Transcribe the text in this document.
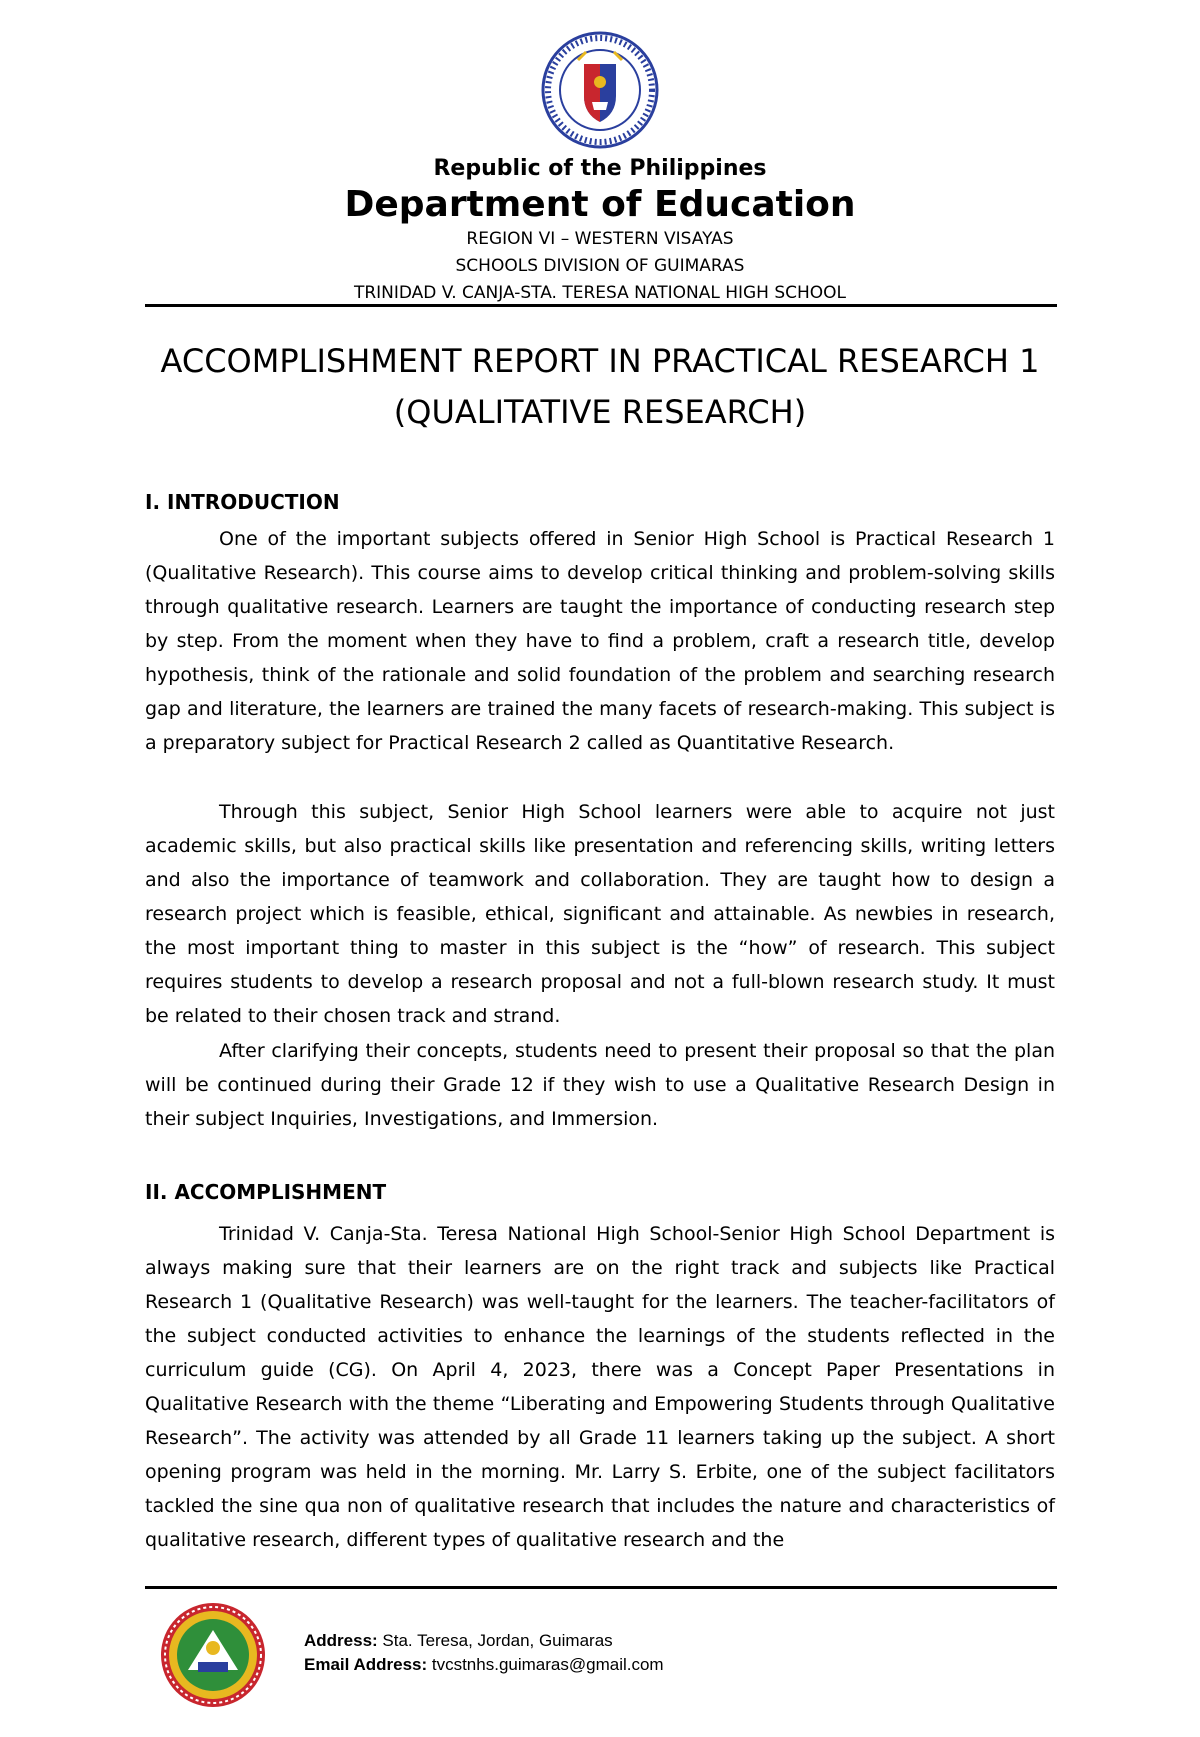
Republic of the Philippines
Department of Education
REGION VI – WESTERN VISAYAS
SCHOOLS DIVISION OF GUIMARAS
TRINIDAD V. CANJA-STA. TERESA NATIONAL HIGH SCHOOL
ACCOMPLISHMENT REPORT IN PRACTICAL RESEARCH 1
(QUALITATIVE RESEARCH)
I. INTRODUCTION

One of the important subjects offered in Senior High School is Practical Research 1 (Qualitative Research). This course aims to develop critical thinking and problem-solving skills through qualitative research. Learners are taught the importance of conducting research step by step. From the moment when they have to find a problem, craft a research title, develop hypothesis, think of the rationale and solid foundation of the problem and searching research gap and literature, the learners are trained the many facets of research-making. This subject is a preparatory subject for Practical Research 2 called as Quantitative Research.

Through this subject, Senior High School learners were able to acquire not just academic skills, but also practical skills like presentation and referencing skills, writing letters and also the importance of teamwork and collaboration. They are taught how to design a research project which is feasible, ethical, significant and attainable. As newbies in research, the most important thing to master in this subject is the “how” of research. This subject requires students to develop a research proposal and not a full-blown research study. It must be related to their chosen track and strand.

After clarifying their concepts, students need to present their proposal so that the plan will be continued during their Grade 12 if they wish to use a Qualitative Research Design in their subject Inquiries, Investigations, and Immersion.

II. ACCOMPLISHMENT

Trinidad V. Canja-Sta. Teresa National High School-Senior High School Department is always making sure that their learners are on the right track and subjects like Practical Research 1 (Qualitative Research) was well-taught for the learners. The teacher-facilitators of the subject conducted activities to enhance the learnings of the students reflected in the curriculum guide (CG). On April 4, 2023, there was a Concept Paper Presentations in Qualitative Research with the theme “Liberating and Empowering Students through Qualitative Research”. The activity was attended by all Grade 11 learners taking up the subject. A short opening program was held in the morning. Mr. Larry S. Erbite, one of the subject facilitators tackled the sine qua non of qualitative research that includes the nature and characteristics of qualitative research, different types of qualitative research and the

Address: Sta. Teresa, Jordan, Guimaras
Email Address: tvcstnhs.guimaras@gmail.com
